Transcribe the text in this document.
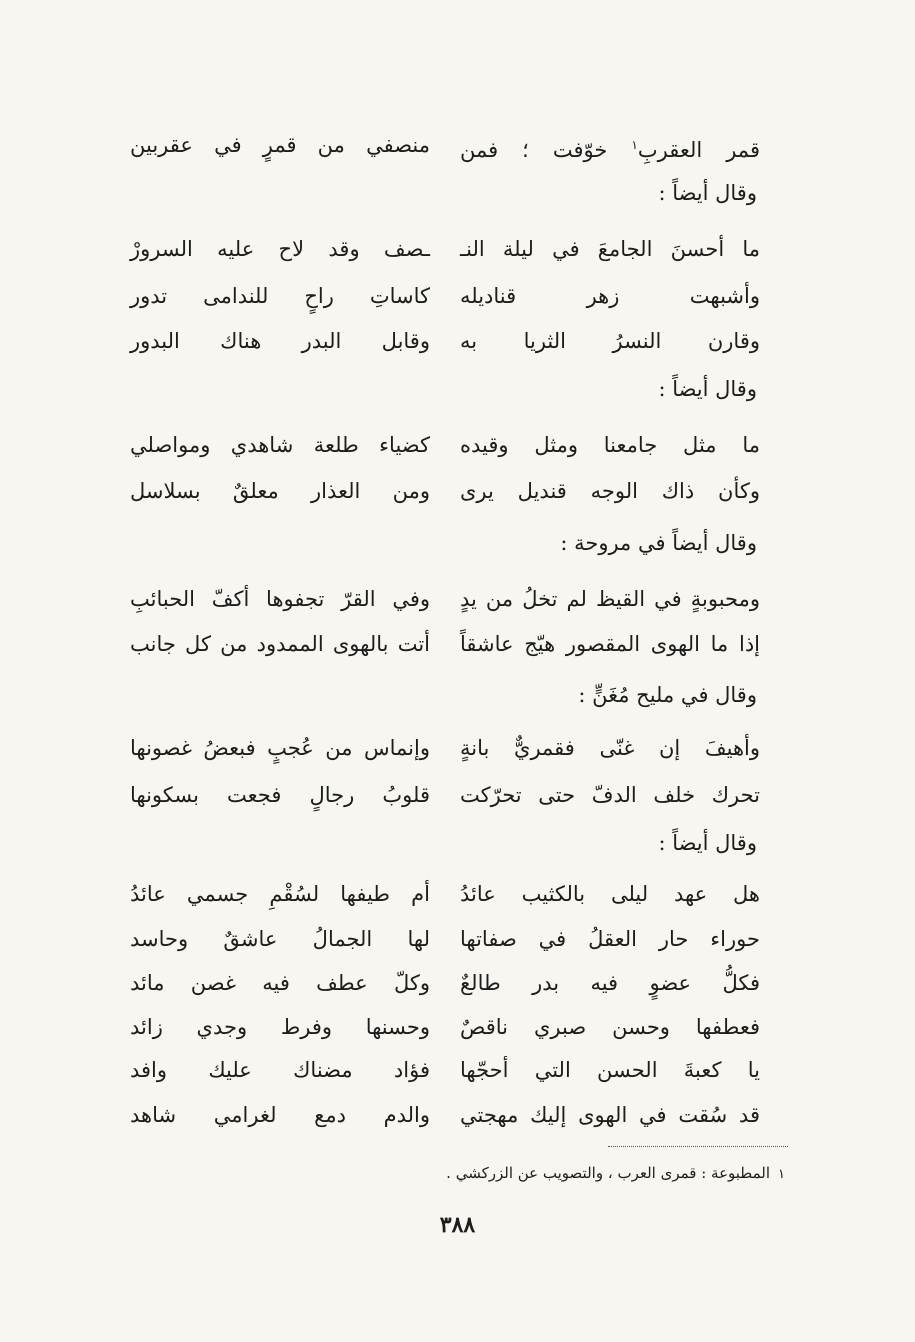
قمر العقربِ$^١$ خوّفت ؛ فمن
منصفي من قمرٍ في عقربين
وقال أيضاً :
ما أحسنَ الجامعَ في ليلة النـ
ـصف وقد لاح عليه السرورْ
وأشبهت زهر قناديله
كاساتِ راحٍ للندامى تدور
وقارن النسرُ الثريا به
وقابل البدر هناك البدور
وقال أيضاً :
ما مثل جامعنا ومثل وقيده
كضياء طلعة شاهدي ومواصلي
وكأن ذاك الوجه قنديل يرى
ومن العذار معلقٌ بسلاسل
وقال أيضاً في مروحة :
ومحبوبةٍ في القيظ لم تخلُ من يدٍ
وفي القرّ تجفوها أكفّ الحبائبِ
إذا ما الهوى المقصور هيّج عاشقاً
أتت بالهوى الممدود من كل جانب
وقال في مليح مُغَنٍّ :
وأهيفَ إن غنّى فقمريٌّ بانةٍ
وإنماس من عُجبٍ فبعضُ غصونها
تحرك خلف الدفّ حتى تحرّكت
قلوبُ رجالٍ فجعت بسكونها
وقال أيضاً :
هل عهد ليلى بالكثيب عائدُ
أم طيفها لسُقْمِ جسمي عائدُ
حوراء حار العقلُ في صفاتها
لها الجمالُ عاشقٌ وحاسد
فكلُّ عضوٍ فيه بدر طالعٌ
وكلّ عطف فيه غصن مائد
فعطفها وحسن صبري ناقصٌ
وحسنها وفرط وجدي زائد
يا كعبةَ الحسن التي أحجّها
فؤاد مضناك عليك وافد
قد سُقت في الهوى إليك مهجتي
والدم دمع لغرامي شاهد
١المطبوعة : قمرى العرب ، والتصويب عن الزركشي .
٣٨٨
